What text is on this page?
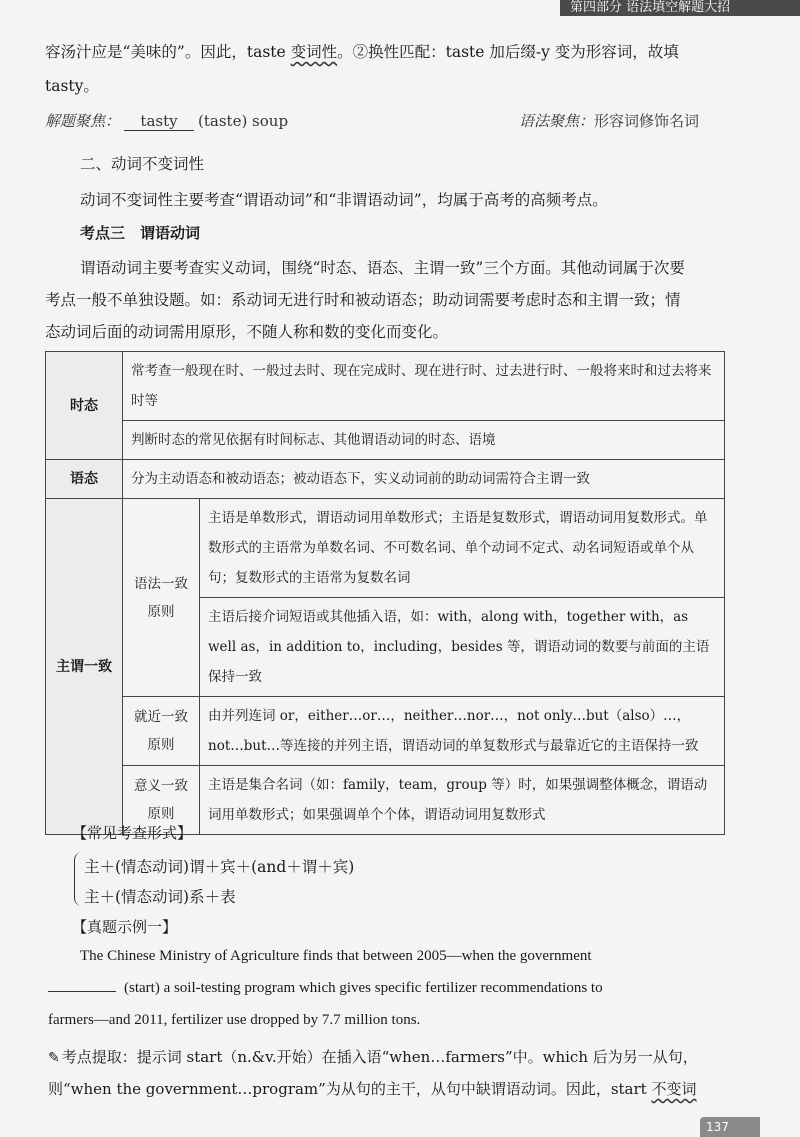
第四部分 语法填空解题大招
容汤汁应是“美味的”。因此，taste 变词性。②换性匹配：taste 加后缀-y 变为形容词，故填
tasty。
解题聚焦： tasty (taste) soup	语法聚焦：形容词修饰名词
二、动词不变词性
动词不变词性主要考查“谓语动词”和“非谓语动词”，均属于高考的高频考点。
考点三　谓语动词
谓语动词主要考查实义动词，围绕“时态、语态、主谓一致”三个方面。其他动词属于次要
考点一般不单独设题。如：系动词无进行时和被动语态；助动词需要考虑时态和主谓一致；情
态动词后面的动词需用原形，不随人称和数的变化而变化。
时态	常考查一般现在时、一般过去时、现在完成时、现在进行时、过去进行时、一般将来时和过去将来时等	
	判断时态的常见依据有时间标志、其他谓语动词的时态、语境	
语态	分为主动语态和被动语态；被动语态下，实义动词前的助动词需符合主谓一致	
主谓一致	语法一致原则	主语是单数形式，谓语动词用单数形式；主语是复数形式，谓语动词用复数形式。单数形式的主语常为单数名词、不可数名词、单个动词不定式、动名词短语或单个从句；复数形式的主语常为复数名词
		主语后接介词短语或其他插入语，如：with，along with，together with，as well as，in addition to，including，besides 等，谓语动词的数要与前面的主语保持一致
	就近一致原则	由并列连词 or，either…or…，neither…nor…，not only…but（also）…，not…but…等连接的并列主语，谓语动词的单复数形式与最靠近它的主语保持一致
	意义一致原则	主语是集合名词（如：family，team，group 等）时，如果强调整体概念，谓语动词用单数形式；如果强调单个个体，谓语动词用复数形式
【常见考查形式】
主＋(情态动词)谓＋宾＋(and＋谓＋宾)
主＋(情态动词)系＋表
【真题示例一】
The Chinese Ministry of Agriculture finds that between 2005—when the government
(start) a soil-testing program which gives specific fertilizer recommendations to
farmers—and 2011, fertilizer use dropped by 7.7 million tons.
✎ 考点提取：提示词 start（n.&v.开始）在插入语“when…farmers”中。which 后为另一从句，
则“when the government…program”为从句的主干，从句中缺谓语动词。因此，start 不变词
137
